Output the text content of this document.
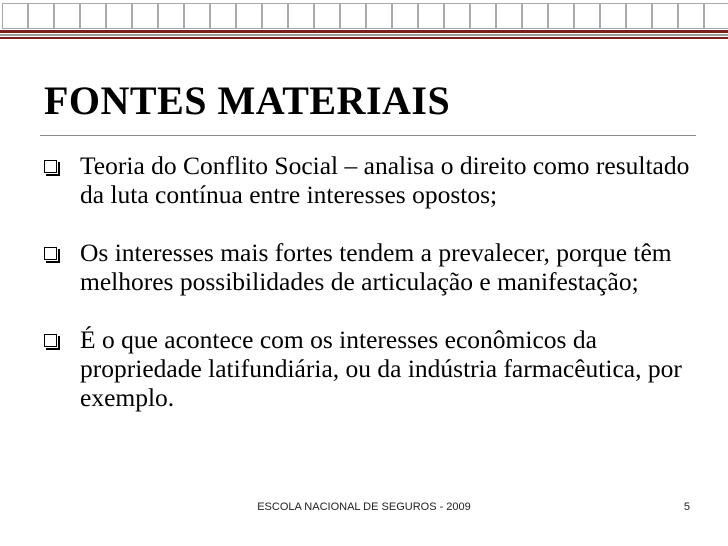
FONTES MATERIAIS
Teoria do Conflito Social – analisa o direito como resultado da luta contínua entre interesses opostos;
Os interesses mais fortes tendem a prevalecer, porque têm melhores possibilidades de articulação e manifestação;
É o que acontece com os interesses econômicos da propriedade latifundiária, ou da indústria farmacêutica, por exemplo.
ESCOLA NACIONAL DE SEGUROS - 2009	5
